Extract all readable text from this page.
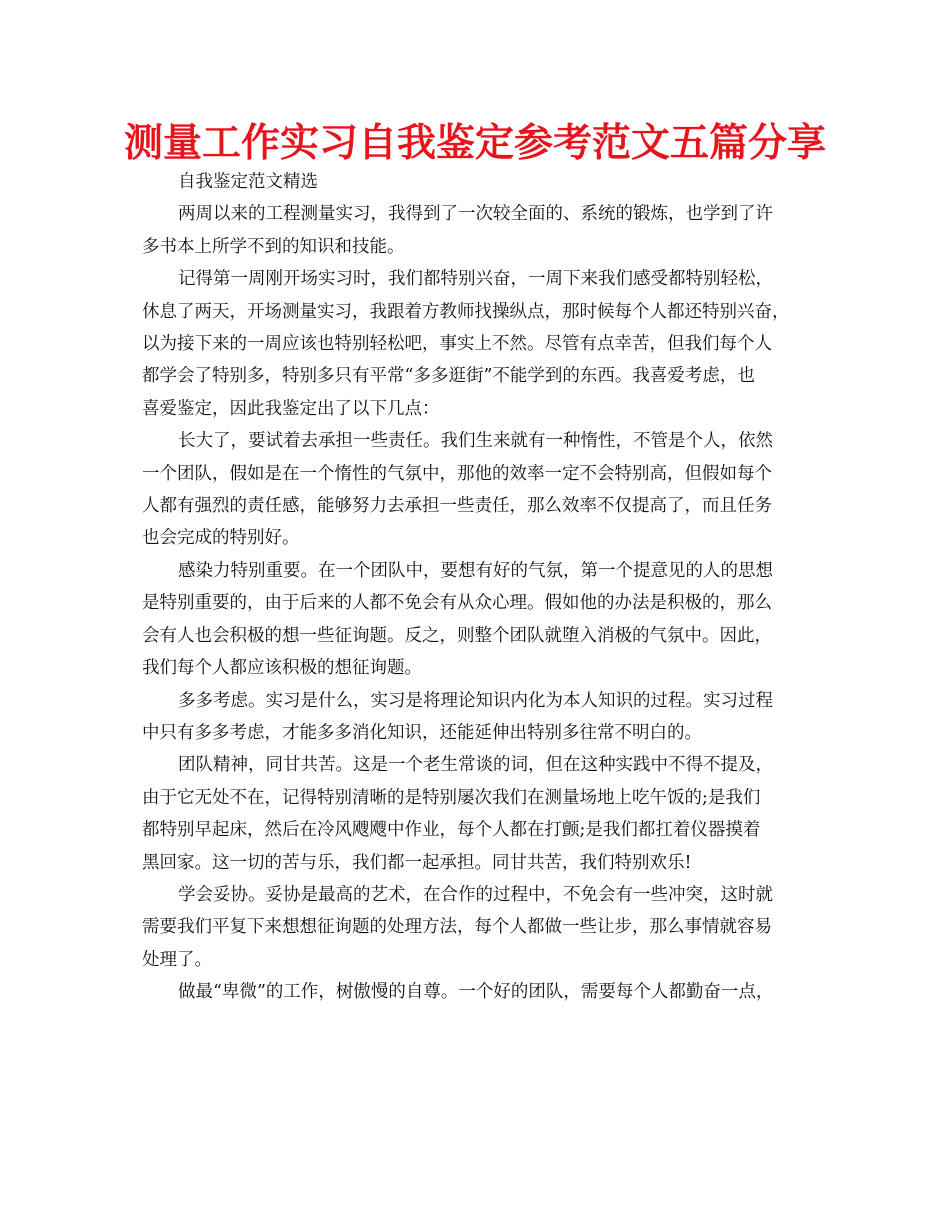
测量工作实习自我鉴定参考范文五篇分享
自我鉴定范文精选
两周以来的工程测量实习，我得到了一次较全面的、系统的锻炼，也学到了许
多书本上所学不到的知识和技能。
记得第一周刚开场实习时，我们都特别兴奋，一周下来我们感受都特别轻松，
休息了两天，开场测量实习，我跟着方教师找操纵点，那时候每个人都还特别兴奋，
以为接下来的一周应该也特别轻松吧，事实上不然。尽管有点幸苦，但我们每个人
都学会了特别多，特别多只有平常“多多逛街”不能学到的东西。我喜爱考虑，也
喜爱鉴定，因此我鉴定出了以下几点：
长大了，要试着去承担一些责任。我们生来就有一种惰性，不管是个人，依然
一个团队，假如是在一个惰性的气氛中，那他的效率一定不会特别高，但假如每个
人都有强烈的责任感，能够努力去承担一些责任，那么效率不仅提高了，而且任务
也会完成的特别好。
感染力特别重要。在一个团队中，要想有好的气氛，第一个提意见的人的思想
是特别重要的，由于后来的人都不免会有从众心理。假如他的办法是积极的，那么
会有人也会积极的想一些征询题。反之，则整个团队就堕入消极的气氛中。因此，
我们每个人都应该积极的想征询题。
多多考虑。实习是什么，实习是将理论知识内化为本人知识的过程。实习过程
中只有多多考虑，才能多多消化知识，还能延伸出特别多往常不明白的。
团队精神，同甘共苦。这是一个老生常谈的词，但在这种实践中不得不提及，
由于它无处不在，记得特别清晰的是特别屡次我们在测量场地上吃午饭的;是我们
都特别早起床，然后在冷风飕飕中作业，每个人都在打颤;是我们都扛着仪器摸着
黑回家。这一切的苦与乐，我们都一起承担。同甘共苦，我们特别欢乐!
学会妥协。妥协是最高的艺术，在合作的过程中，不免会有一些冲突，这时就
需要我们平复下来想想征询题的处理方法，每个人都做一些让步，那么事情就容易
处理了。
做最“卑微”的工作，树傲慢的自尊。一个好的团队，需要每个人都勤奋一点，
